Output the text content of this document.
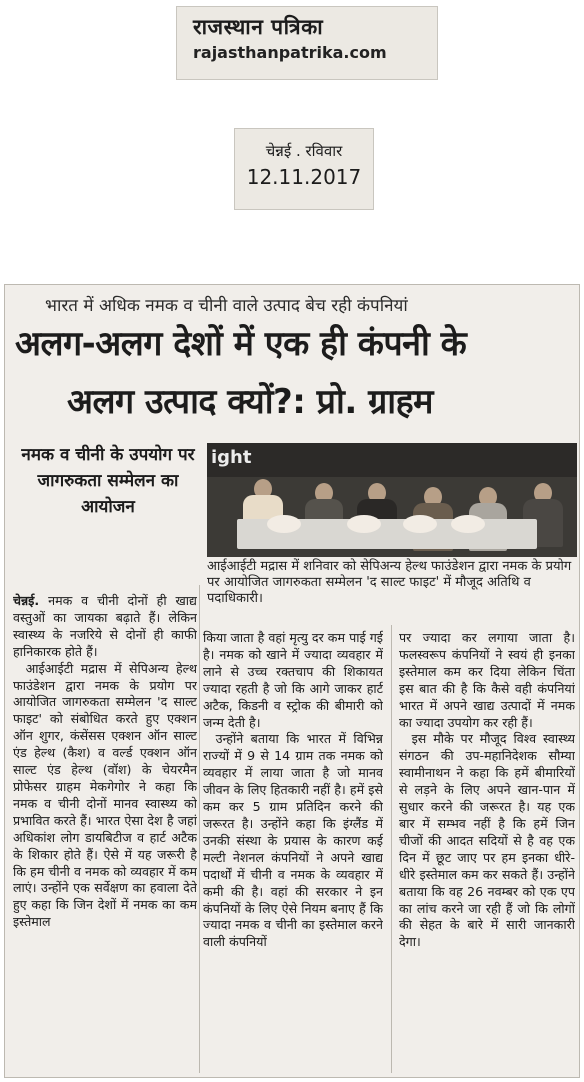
राजस्थान पत्रिका
rajasthanpatrika.com
चेन्नई . रविवार
12.11.2017
भारत में अधिक नमक व चीनी वाले उत्पाद बेच रही कंपनियां
अलग-अलग देशों में एक ही कंपनी के
अलग उत्पाद क्यों?: प्रो. ग्राहम
नमक व चीनी के उपयोग पर जागरुकता सम्मेलन का आयोजन
ight
आईआईटी मद्रास में शनिवार को सेपिअन्य हेल्थ फाउंडेशन द्वारा नमक के प्रयोग पर आयोजित जागरुकता सम्मेलन 'द साल्ट फाइट' में मौजूद अतिथि व पदाधिकारी।

चेन्नई. नमक व चीनी दोनों ही खाद्य वस्तुओं का जायका बढ़ाते हैं। लेकिन स्वास्थ्य के नजरिये से दोनों ही काफी हानिकारक होते हैं।

आईआईटी मद्रास में सेपिअन्य हेल्थ फाउंडेशन द्वारा नमक के प्रयोग पर आयोजित जागरुकता सम्मेलन 'द साल्ट फाइट' को संबोधित करते हुए एक्शन ऑन शुगर, कंसेंसस एक्शन ऑन साल्ट एंड हेल्थ (कैश) व वर्ल्ड एक्शन ऑन साल्ट एंड हेल्थ (वॉश) के चेयरमैन प्रोफेसर ग्राहम मेकगेगोर ने कहा कि नमक व चीनी दोनों मानव स्वास्थ्य को प्रभावित करते हैं। भारत ऐसा देश है जहां अधिकांश लोग डायबिटीज व हार्ट अटैक के शिकार होते हैं। ऐसे में यह जरूरी है कि हम चीनी व नमक को व्यवहार में कम लाएं। उन्होंने एक सर्वेक्षण का हवाला देते हुए कहा कि जिन देशों में नमक का कम इस्तेमाल

किया जाता है वहां मृत्यु दर कम पाई गई है। नमक को खाने में ज्यादा व्यवहार में लाने से उच्च रक्तचाप की शिकायत ज्यादा रहती है जो कि आगे जाकर हार्ट अटैक, किडनी व स्ट्रोक की बीमारी को जन्म देती है।

उन्होंने बताया कि भारत में विभिन्न राज्यों में 9 से 14 ग्राम तक नमक को व्यवहार में लाया जाता है जो मानव जीवन के लिए हितकारी नहीं है। हमें इसे कम कर 5 ग्राम प्रतिदिन करने की जरूरत है। उन्होंने कहा कि इंग्लैंड में उनकी संस्था के प्रयास के कारण कई मल्टी नेशनल कंपनियों ने अपने खाद्य पदार्थों में चीनी व नमक के व्यवहार में कमी की है। वहां की सरकार ने इन कंपनियों के लिए ऐसे नियम बनाए हैं कि ज्यादा नमक व चीनी का इस्तेमाल करने वाली कंपनियों

पर ज्यादा कर लगाया जाता है। फलस्वरूप कंपनियों ने स्वयं ही इनका इस्तेमाल कम कर दिया लेकिन चिंता इस बात की है कि कैसे वही कंपनियां भारत में अपने खाद्य उत्पादों में नमक का ज्यादा उपयोग कर रही हैं।

इस मौके पर मौजूद विश्व स्वास्थ्य संगठन की उप-महानिदेशक सौम्या स्वामीनाथन ने कहा कि हमें बीमारियों से लड़ने के लिए अपने खान-पान में सुधार करने की जरूरत है। यह एक बार में सम्भव नहीं है कि हमें जिन चीजों की आदत सदियों से है वह एक दिन में छूट जाए पर हम इनका धीरे-धीरे इस्तेमाल कम कर सकते हैं। उन्होंने बताया कि वह 26 नवम्बर को एक एप का लांच करने जा रही हैं जो कि लोगों की सेहत के बारे में सारी जानकारी देगा।
